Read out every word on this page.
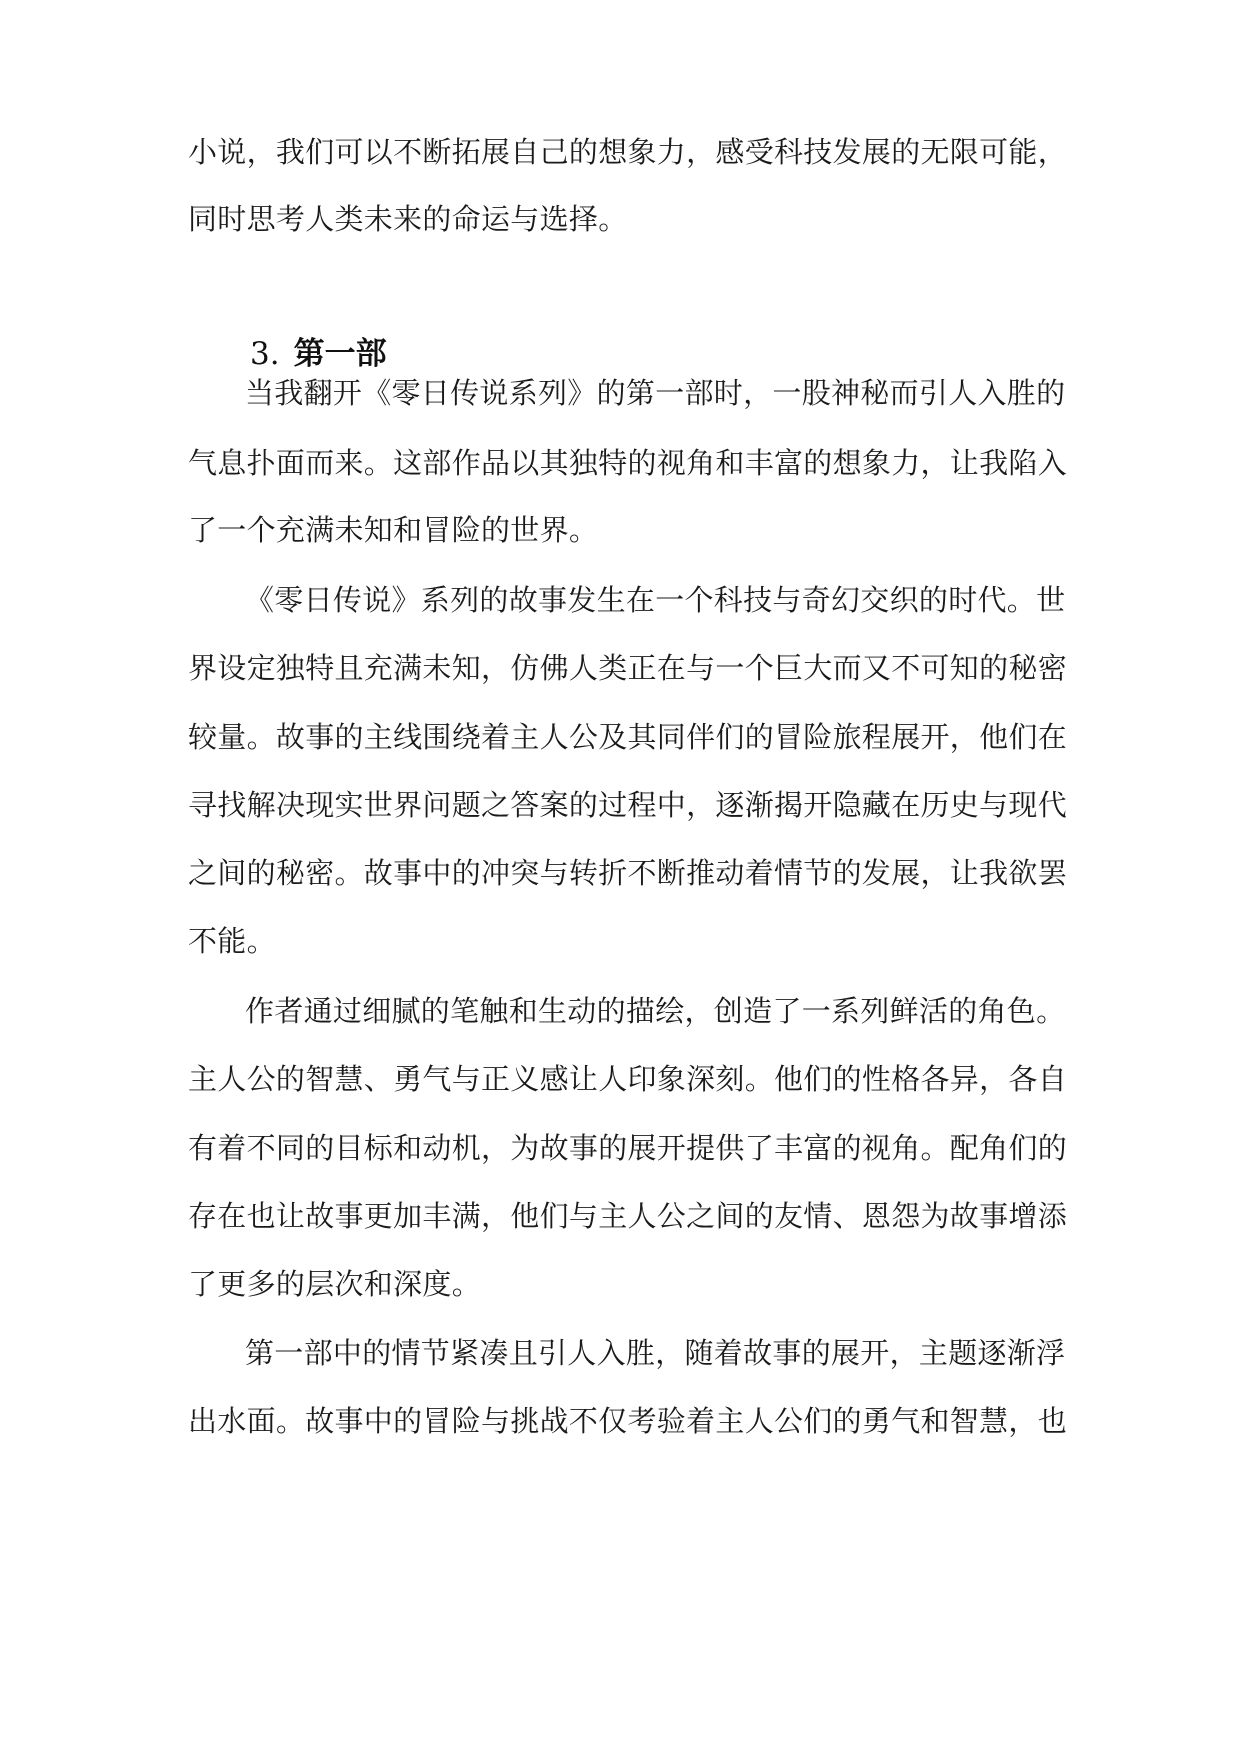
小说，我们可以不断拓展自己的想象力，感受科技发展的无限可能，
同时思考人类未来的命运与选择。
3. 第一部
当我翻开《零日传说系列》的第一部时，一股神秘而引人入胜的
气息扑面而来。这部作品以其独特的视角和丰富的想象力，让我陷入
了一个充满未知和冒险的世界。
《零日传说》系列的故事发生在一个科技与奇幻交织的时代。世
界设定独特且充满未知，仿佛人类正在与一个巨大而又不可知的秘密
较量。故事的主线围绕着主人公及其同伴们的冒险旅程展开，他们在
寻找解决现实世界问题之答案的过程中，逐渐揭开隐藏在历史与现代
之间的秘密。故事中的冲突与转折不断推动着情节的发展，让我欲罢
不能。
作者通过细腻的笔触和生动的描绘，创造了一系列鲜活的角色。
主人公的智慧、勇气与正义感让人印象深刻。他们的性格各异，各自
有着不同的目标和动机，为故事的展开提供了丰富的视角。配角们的
存在也让故事更加丰满，他们与主人公之间的友情、恩怨为故事增添
了更多的层次和深度。
第一部中的情节紧凑且引人入胜，随着故事的展开，主题逐渐浮
出水面。故事中的冒险与挑战不仅考验着主人公们的勇气和智慧，也
